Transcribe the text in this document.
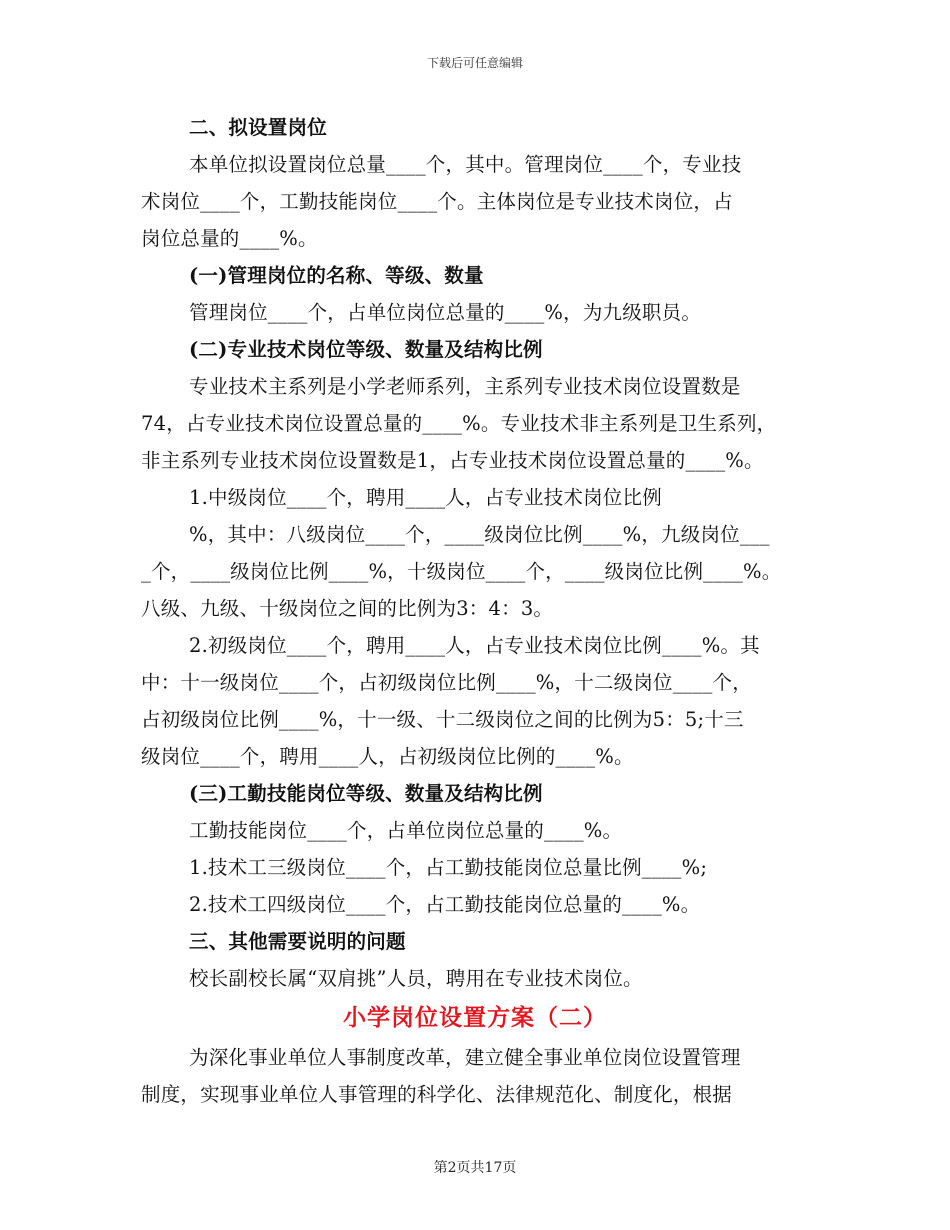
下载后可任意编辑
二、拟设置岗位
本单位拟设置岗位总量____个，其中。管理岗位____个，专业技
术岗位____个，工勤技能岗位____个。主体岗位是专业技术岗位，占
岗位总量的____%。
(一)管理岗位的名称、等级、数量
管理岗位____个，占单位岗位总量的____%，为九级职员。
(二)专业技术岗位等级、数量及结构比例
专业技术主系列是小学老师系列，主系列专业技术岗位设置数是
74，占专业技术岗位设置总量的____%。专业技术非主系列是卫生系列，
非主系列专业技术岗位设置数是1，占专业技术岗位设置总量的____%。
1.中级岗位____个，聘用____人，占专业技术岗位比例
%，其中：八级岗位____个，____级岗位比例____%，九级岗位___
_个，____级岗位比例____%，十级岗位____个，____级岗位比例____%。
八级、九级、十级岗位之间的比例为3：4：3。
2.初级岗位____个，聘用____人，占专业技术岗位比例____%。其
中：十一级岗位____个，占初级岗位比例____%，十二级岗位____个，
占初级岗位比例____%，十一级、十二级岗位之间的比例为5：5;十三
级岗位____个，聘用____人，占初级岗位比例的____%。
(三)工勤技能岗位等级、数量及结构比例
工勤技能岗位____个，占单位岗位总量的____%。
1.技术工三级岗位____个，占工勤技能岗位总量比例____%;
2.技术工四级岗位____个，占工勤技能岗位总量的____%。
三、其他需要说明的问题
校长副校长属“双肩挑”人员，聘用在专业技术岗位。
小学岗位设置方案（二）
为深化事业单位人事制度改革，建立健全事业单位岗位设置管理
制度，实现事业单位人事管理的科学化、法律规范化、制度化，根据
第2页共17页
